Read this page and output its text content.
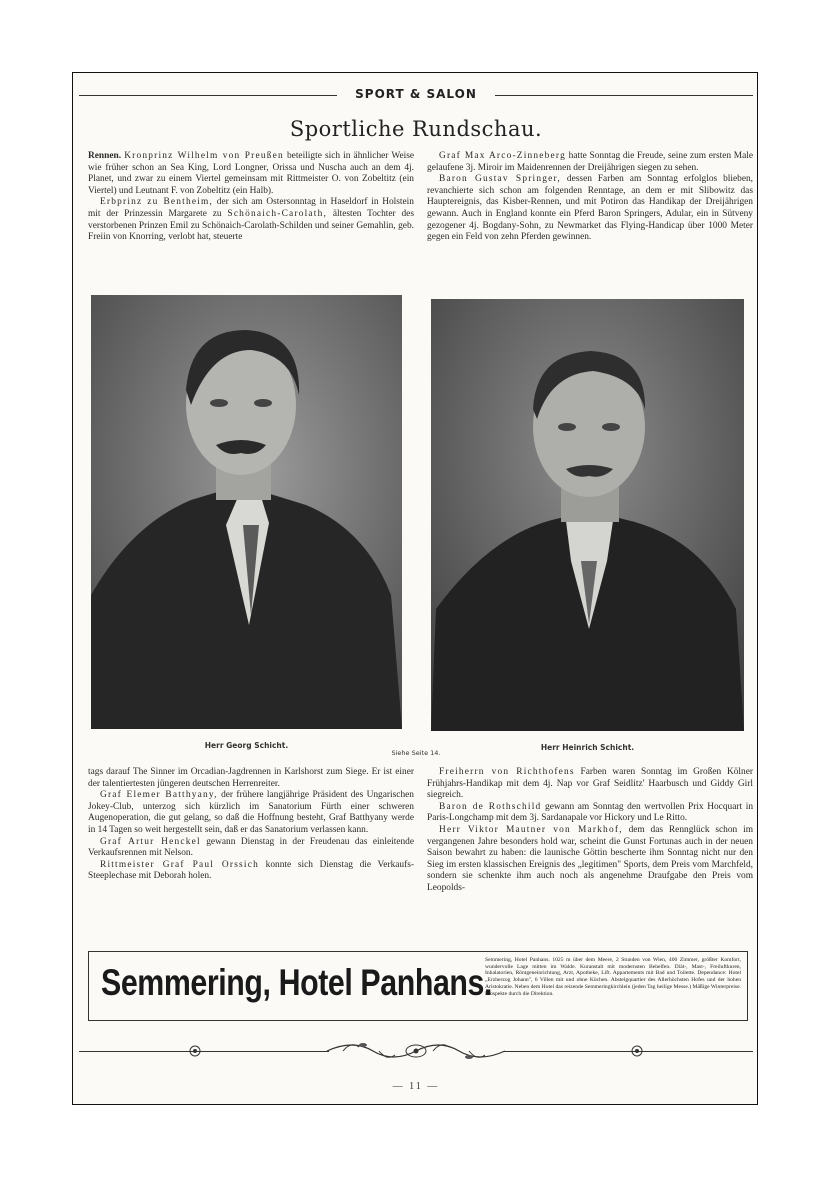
SPORT & SALON
Sportliche Rundschau.

Rennen. Kronprinz Wilhelm von Preußen beteiligte sich in ähnlicher Weise wie früher schon an Sea King, Lord Longner, Orissa und Nuscha auch an dem 4j. Planet, und zwar zu einem Viertel gemeinsam mit Rittmeister O. von Zobeltitz (ein Viertel) und Leutnant F. von Zobeltitz (ein Halb).

Erbprinz zu Bentheim, der sich am Ostersonntag in Haseldorf in Holstein mit der Prinzessin Margarete zu Schönaich-Carolath, ältesten Tochter des verstorbenen Prinzen Emil zu Schönaich-Carolath-Schilden und seiner Gemahlin, geb. Freiin von Knorring, verlobt hat, steuerte

Graf Max Arco-Zinneberg hatte Sonntag die Freude, seine zum ersten Male gelaufene 3j. Miroir im Maidenrennen der Dreijährigen siegen zu sehen.

Baron Gustav Springer, dessen Farben am Sonntag erfolglos blieben, revanchierte sich schon am folgenden Renntage, an dem er mit Slibowitz das Hauptereignis, das Kisber-Rennen, und mit Potiron das Handikap der Dreijährigen gewann. Auch in England konnte ein Pferd Baron Springers, Adular, ein in Sütveny gezogener 4j. Bogdany-Sohn, zu Newmarket das Flying-Handicap über 1000 Meter gegen ein Feld von zehn Pferden gewinnen.

Herr Georg Schicht.
Siehe Seite 14.
Herr Heinrich Schicht.

tags darauf The Sinner im Orcadian-Jagdrennen in Karlshorst zum Siege. Er ist einer der talentiertesten jüngeren deutschen Herrenreiter.

Graf Elemer Batthyany, der frühere langjährige Präsident des Ungarischen Jokey-Club, unterzog sich kürzlich im Sanatorium Fürth einer schweren Augenoperation, die gut gelang, so daß die Hoffnung besteht, Graf Batthyany werde in 14 Tagen so weit hergestellt sein, daß er das Sanatorium verlassen kann.

Graf Artur Henckel gewann Dienstag in der Freudenau das einleitende Verkaufsrennen mit Nelson.

Rittmeister Graf Paul Orssich konnte sich Dienstag die Verkaufs-Steeplechase mit Deborah holen.

Freiherrn von Richthofens Farben waren Sonntag im Großen Kölner Frühjahrs-Handikap mit dem 4j. Nap vor Graf Seidlitz' Haarbusch und Giddy Girl siegreich.

Baron de Rothschild gewann am Sonntag den wertvollen Prix Hocquart in Paris-Longchamp mit dem 3j. Sardanapale vor Hickory und Le Ritto.

Herr Viktor Mautner von Markhof, dem das Rennglück schon im vergangenen Jahre besonders hold war, scheint die Gunst Fortunas auch in der neuen Saison bewahrt zu haben: die launische Göttin bescherte ihm Sonntag nicht nur den Sieg im ersten klassischen Ereignis des „legitimen" Sports, dem Preis vom Marchfeld, sondern sie schenkte ihm auch noch als angenehme Draufgabe den Preis vom Leopolds-

Semmering, Hotel Panhans.
Semmering, Hotel Panhans. 1025 m über dem Meere, 2 Stunden von Wien, 400 Zimmer, größter Komfort, wundervolle Lage mitten im Walde. Kuranstalt mit modernsten Behelfen. Diät-, Mast-, Freiluftkuren, Inhalatorien, Röntgeneinrichtung, Arzt, Apotheke, Lift. Appartements mit Bad und Toilette. Dependance: Hotel „Erzherzog Johann", 6 Villen mit und ohne Küchen. Abstelgquartier des Allerhöchsten Hofes und der hohen Aristokratie. Neben dem Hotel das reizende Semmeringkirchlein (jeden Tag heilige Messe.) Mäßige Winterpreise. Prospekte durch die Direktion.
— 11 —
